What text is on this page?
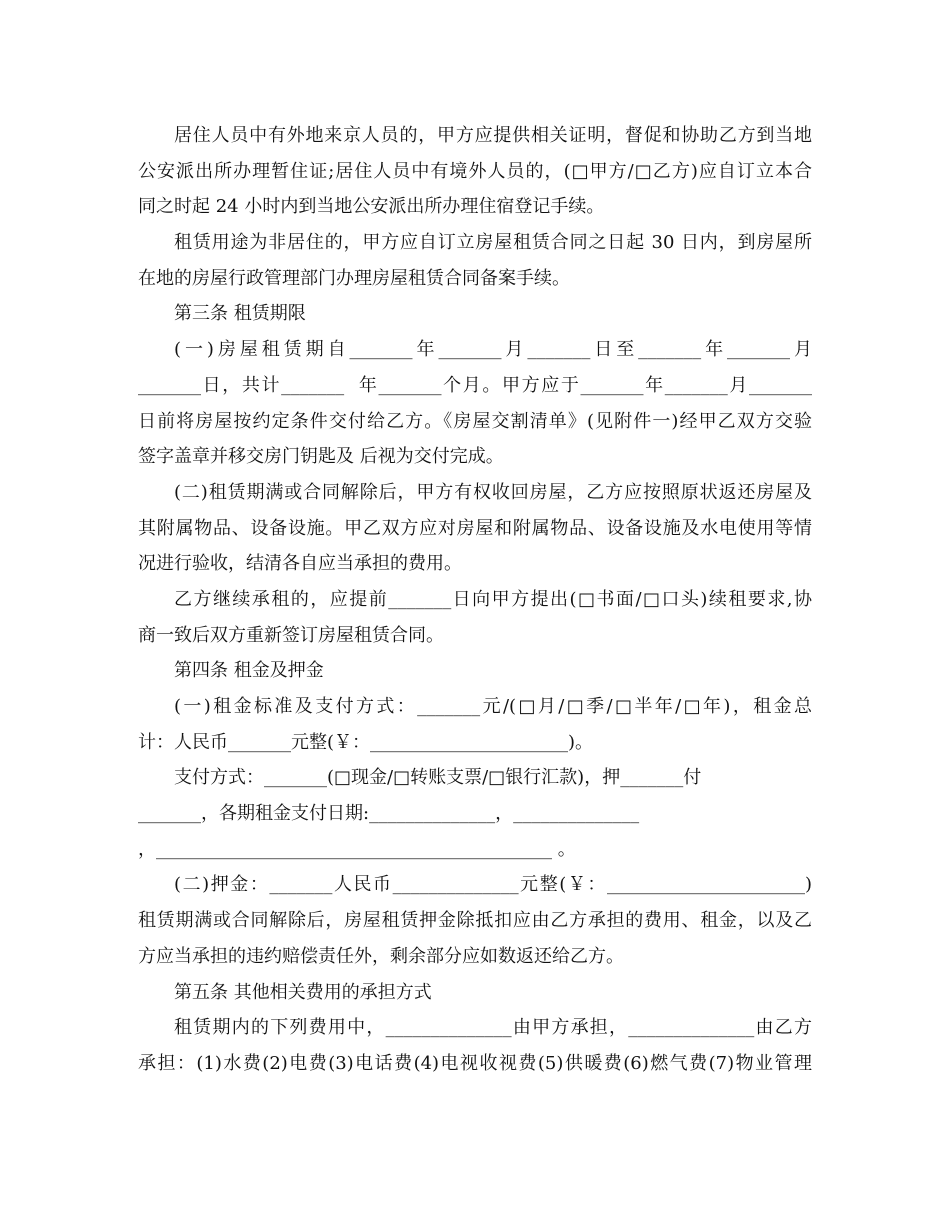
居住人员中有外地来京人员的，甲方应提供相关证明，督促和协助乙方到当地
公安派出所办理暂住证;居住人员中有境外人员的，(□甲方/□乙方)应自订立本合
同之时起 24 小时内到当地公安派出所办理住宿登记手续。
租赁用途为非居住的，甲方应自订立房屋租赁合同之日起 30 日内，到房屋所
在地的房屋行政管理部门办理房屋租赁合同备案手续。
第三条 租赁期限
(一)房屋租赁期自_______年_______月_______日至_______年_______月
_______日，共计_______  年_______个月。甲方应于_______年_______月_______
日前将房屋按约定条件交付给乙方。《房屋交割清单》(见附件一)经甲乙双方交验
签字盖章并移交房门钥匙及 后视为交付完成。
(二)租赁期满或合同解除后，甲方有权收回房屋，乙方应按照原状返还房屋及
其附属物品、设备设施。甲乙双方应对房屋和附属物品、设备设施及水电使用等情
况进行验收，结清各自应当承担的费用。
乙方继续承租的，应提前_______日向甲方提出(□书面/□口头)续租要求,协
商一致后双方重新签订房屋租赁合同。
第四条 租金及押金
(一)租金标准及支付方式：_______元/(□月/□季/□半年/□年)，租金总
计：人民币_______元整(￥：______________________)。
支付方式：_______(□现金/□转账支票/□银行汇款)，押_______付
_______，各期租金支付日期:______________，______________
，____________________________________________ 。
(二)押金：_______人民币______________元整(￥：______________________)
租赁期满或合同解除后，房屋租赁押金除抵扣应由乙方承担的费用、租金，以及乙
方应当承担的违约赔偿责任外，剩余部分应如数返还给乙方。
第五条 其他相关费用的承担方式
租赁期内的下列费用中，______________由甲方承担，______________由乙方
承担：(1)水费(2)电费(3)电话费(4)电视收视费(5)供暖费(6)燃气费(7)物业管理
